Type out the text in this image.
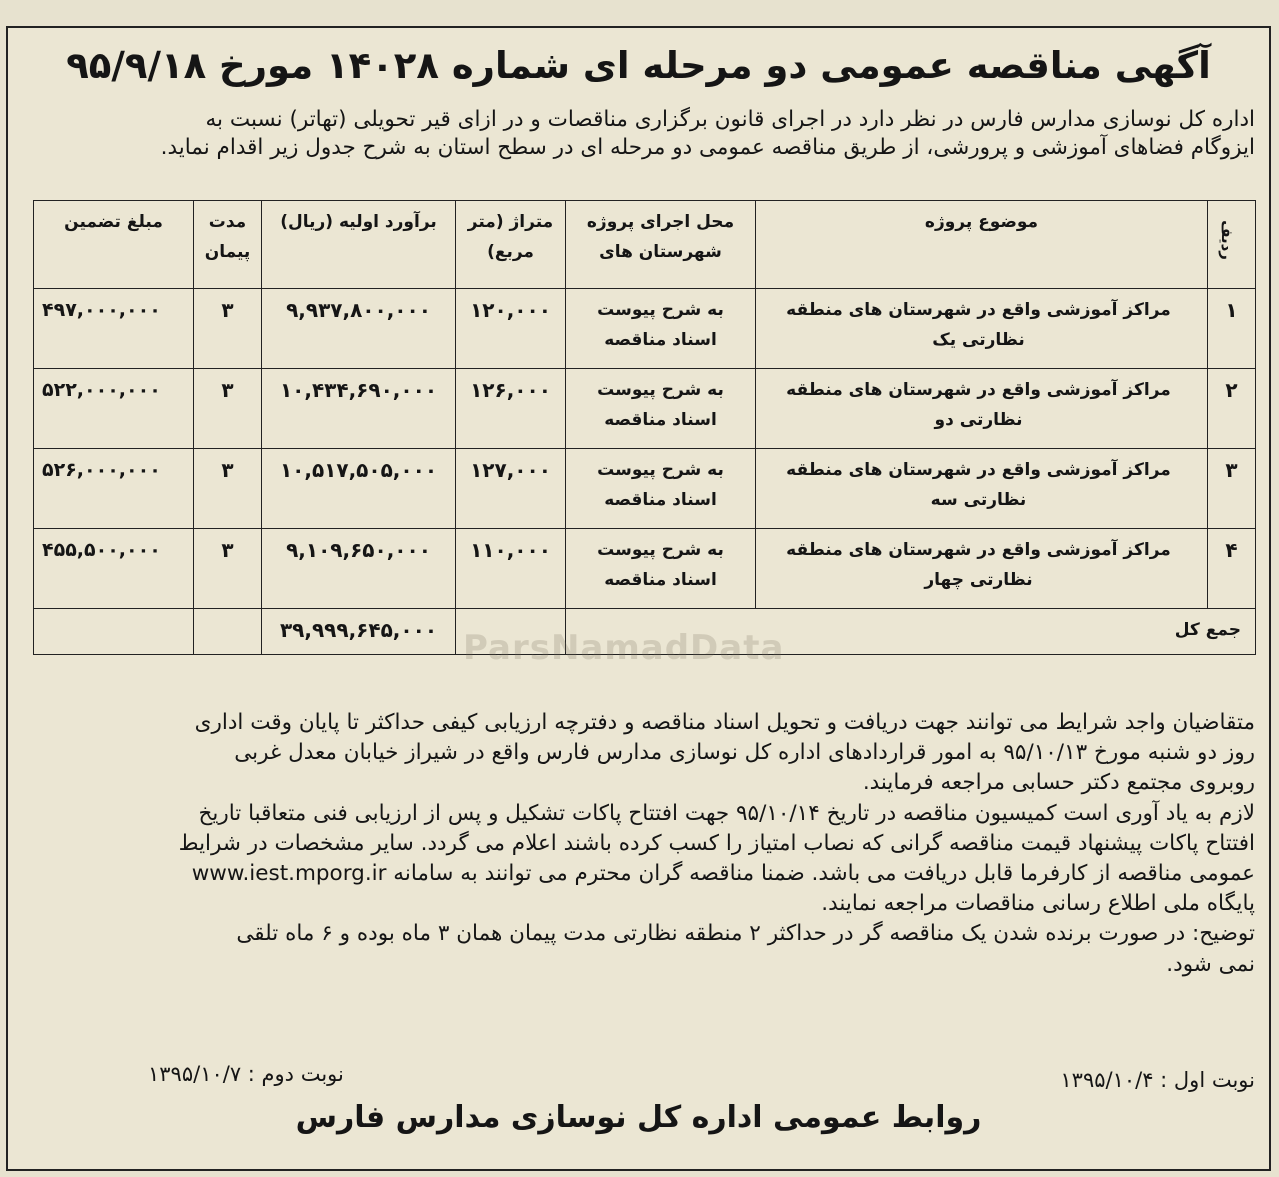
آگهی مناقصه عمومی دو مرحله ای شماره ۱۴۰۲۸ مورخ ۹۵/۹/۱۸

اداره کل نوسازی مدارس فارس در نظر دارد در اجرای قانون برگزاری مناقصات و در ازای قیر تحویلی (تهاتر) نسبت به

ایزوگام فضاهای آموزشی و پرورشی، از طریق مناقصه عمومی دو مرحله ای در سطح استان به شرح جدول زیر اقدام نماید.

ردیف	موضوع پروژه	محل اجرای پروژه شهرستان های	متراژ (متر مربع)	برآورد اولیه (ریال)	مدت پیمان	مبلغ تضمین
۱	مراکز آموزشی واقع در شهرستان های منطقه نظارتی یک	به شرح پیوست اسناد مناقصه	۱۲۰,۰۰۰	۹,۹۳۷,۸۰۰,۰۰۰	۳	۴۹۷,۰۰۰,۰۰۰
۲	مراکز آموزشی واقع در شهرستان های منطقه نظارتی دو	به شرح پیوست اسناد مناقصه	۱۲۶,۰۰۰	۱۰,۴۳۴,۶۹۰,۰۰۰	۳	۵۲۲,۰۰۰,۰۰۰
۳	مراکز آموزشی واقع در شهرستان های منطقه نظارتی سه	به شرح پیوست اسناد مناقصه	۱۲۷,۰۰۰	۱۰,۵۱۷,۵۰۵,۰۰۰	۳	۵۲۶,۰۰۰,۰۰۰
۴	مراکز آموزشی واقع در شهرستان های منطقه نظارتی چهار	به شرح پیوست اسناد مناقصه	۱۱۰,۰۰۰	۹,۱۰۹,۶۵۰,۰۰۰	۳	۴۵۵,۵۰۰,۰۰۰
جمع کل				۳۹,۹۹۹,۶۴۵,۰۰۰		ParsNamadData

متقاضیان واجد شرایط می توانند جهت دریافت و تحویل اسناد مناقصه و دفترچه ارزیابی کیفی حداکثر تا پایان وقت اداری

روز دو شنبه مورخ ۹۵/۱۰/۱۳ به امور قراردادهای اداره کل نوسازی مدارس فارس واقع در شیراز خیابان معدل غربی

روبروی مجتمع دکتر حسابی مراجعه فرمایند.

لازم به یاد آوری است کمیسیون مناقصه در تاریخ ۹۵/۱۰/۱۴ جهت افتتاح پاکات تشکیل و پس از ارزیابی فنی متعاقبا تاریخ

افتتاح پاکات پیشنهاد قیمت مناقصه گرانی که نصاب امتیاز را کسب کرده باشند اعلام می گردد. سایر مشخصات در شرایط

عمومی مناقصه از کارفرما قابل دریافت می باشد. ضمنا مناقصه گران محترم می توانند به سامانه www.iest.mporg.ir

پایگاه ملی اطلاع رسانی مناقصات مراجعه نمایند.

توضیح: در صورت برنده شدن یک مناقصه گر در حداکثر ۲ منطقه نظارتی مدت پیمان همان ۳ ماه بوده و ۶ ماه تلقی

نمی شود.

نوبت اول : ۱۳۹۵/۱۰/۴
نوبت دوم : ۱۳۹۵/۱۰/۷
روابط عمومی اداره کل نوسازی مدارس فارس
